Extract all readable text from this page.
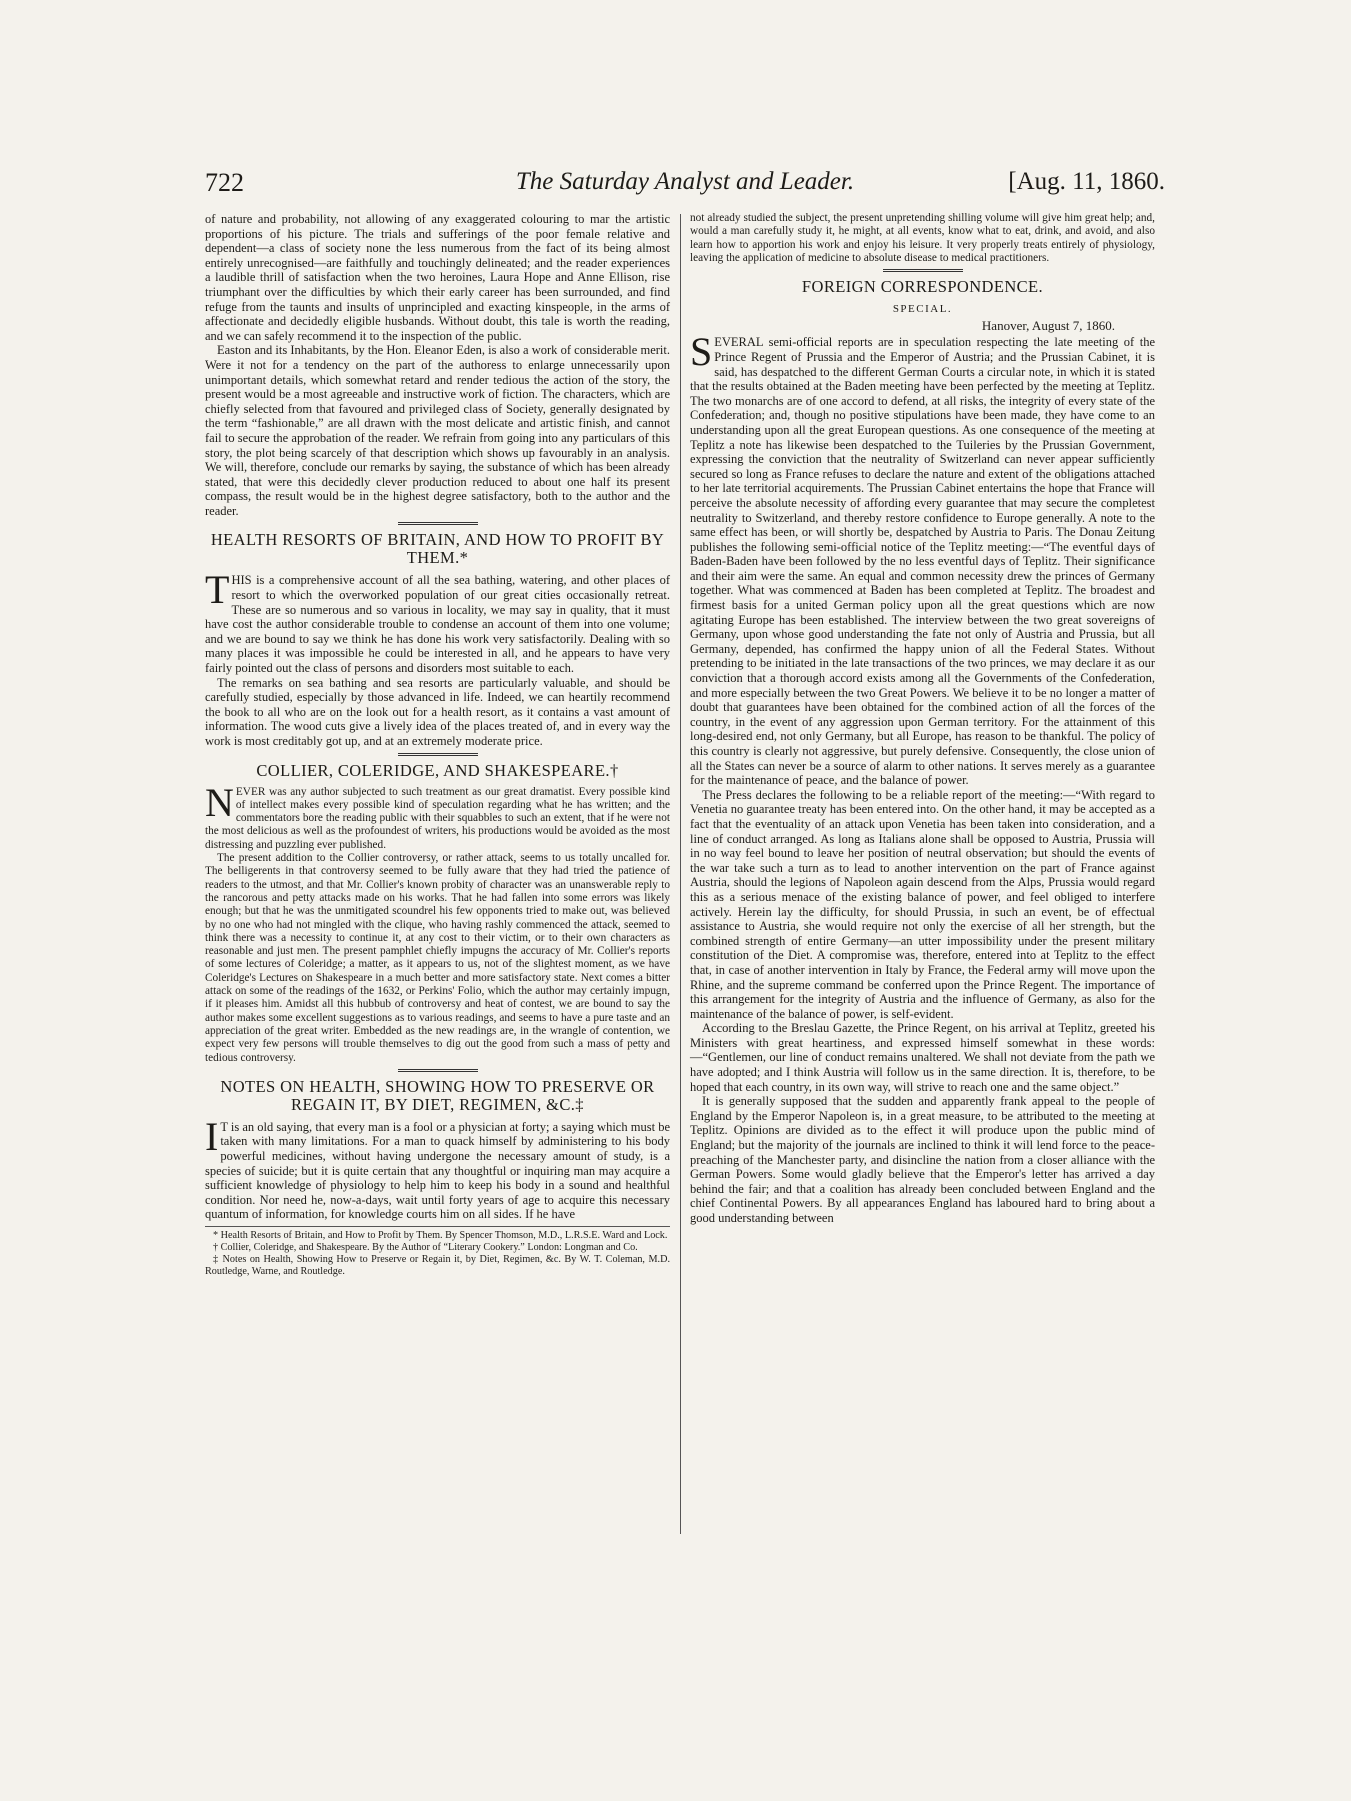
722	The Saturday Analyst and Leader.	[Aug. 11, 1860.

of nature and probability, not allowing of any exaggerated colouring to mar the artistic proportions of his picture. The trials and sufferings of the poor female relative and dependent—a class of society none the less numerous from the fact of its being almost entirely unrecognised—are faithfully and touchingly delineated; and the reader experiences a laudible thrill of satisfaction when the two heroines, Laura Hope and Anne Ellison, rise triumphant over the difficulties by which their early career has been surrounded, and find refuge from the taunts and insults of unprincipled and exacting kinspeople, in the arms of affectionate and decidedly eligible husbands. Without doubt, this tale is worth the reading, and we can safely recommend it to the inspection of the public.

Easton and its Inhabitants, by the Hon. Eleanor Eden, is also a work of considerable merit. Were it not for a tendency on the part of the authoress to enlarge unnecessarily upon unimportant details, which somewhat retard and render tedious the action of the story, the present would be a most agreeable and instructive work of fiction. The characters, which are chiefly selected from that favoured and privileged class of Society, generally designated by the term “fashionable,” are all drawn with the most delicate and artistic finish, and cannot fail to secure the approbation of the reader. We refrain from going into any particulars of this story, the plot being scarcely of that description which shows up favourably in an analysis. We will, therefore, conclude our remarks by saying, the substance of which has been already stated, that were this decidedly clever production reduced to about one half its present compass, the result would be in the highest degree satisfactory, both to the author and the reader.

HEALTH RESORTS OF BRITAIN, AND HOW TO PROFIT BY THEM.*

THIS is a comprehensive account of all the sea bathing, watering, and other places of resort to which the overworked population of our great cities occasionally retreat. These are so numerous and so various in locality, we may say in quality, that it must have cost the author considerable trouble to condense an account of them into one volume; and we are bound to say we think he has done his work very satisfactorily. Dealing with so many places it was impossible he could be interested in all, and he appears to have very fairly pointed out the class of persons and disorders most suitable to each.

The remarks on sea bathing and sea resorts are particularly valuable, and should be carefully studied, especially by those advanced in life. Indeed, we can heartily recommend the book to all who are on the look out for a health resort, as it contains a vast amount of information. The wood cuts give a lively idea of the places treated of, and in every way the work is most creditably got up, and at an extremely moderate price.

COLLIER, COLERIDGE, AND SHAKESPEARE.†

NEVER was any author subjected to such treatment as our great dramatist. Every possible kind of intellect makes every possible kind of speculation regarding what he has written; and the commentators bore the reading public with their squabbles to such an extent, that if he were not the most delicious as well as the profoundest of writers, his productions would be avoided as the most distressing and puzzling ever published.

The present addition to the Collier controversy, or rather attack, seems to us totally uncalled for. The belligerents in that controversy seemed to be fully aware that they had tried the patience of readers to the utmost, and that Mr. Collier's known probity of character was an unanswerable reply to the rancorous and petty attacks made on his works. That he had fallen into some errors was likely enough; but that he was the unmitigated scoundrel his few opponents tried to make out, was believed by no one who had not mingled with the clique, who having rashly commenced the attack, seemed to think there was a necessity to continue it, at any cost to their victim, or to their own characters as reasonable and just men. The present pamphlet chiefly impugns the accuracy of Mr. Collier's reports of some lectures of Coleridge; a matter, as it appears to us, not of the slightest moment, as we have Coleridge's Lectures on Shakespeare in a much better and more satisfactory state. Next comes a bitter attack on some of the readings of the 1632, or Perkins' Folio, which the author may certainly impugn, if it pleases him. Amidst all this hubbub of controversy and heat of contest, we are bound to say the author makes some excellent suggestions as to various readings, and seems to have a pure taste and an appreciation of the great writer. Embedded as the new readings are, in the wrangle of contention, we expect very few persons will trouble themselves to dig out the good from such a mass of petty and tedious controversy.

NOTES ON HEALTH, SHOWING HOW TO PRESERVE OR REGAIN IT, BY DIET, REGIMEN, &C.‡

I T is an old saying, that every man is a fool or a physician at forty; a saying which must be taken with many limitations. For a man to quack himself by administering to his body powerful medicines, without having undergone the necessary amount of study, is a species of suicide; but it is quite certain that any thoughtful or inquiring man may acquire a sufficient knowledge of physiology to help him to keep his body in a sound and healthful condition. Nor need he, now-a-days, wait until forty years of age to acquire this necessary quantum of information, for knowledge courts him on all sides. If he have

* Health Resorts of Britain, and How to Profit by Them. By Spencer Thomson, M.D., L.R.S.E. Ward and Lock.
† Collier, Coleridge, and Shakespeare. By the Author of “Literary Cookery.” London: Longman and Co.
‡ Notes on Health, Showing How to Preserve or Regain it, by Diet, Regimen, &c. By W. T. Coleman, M.D. Routledge, Warne, and Routledge.

not already studied the subject, the present unpretending shilling volume will give him great help; and, would a man carefully study it, he might, at all events, know what to eat, drink, and avoid, and also learn how to apportion his work and enjoy his leisure. It very properly treats entirely of physiology, leaving the application of medicine to absolute disease to medical practitioners.

FOREIGN CORRESPONDENCE.
SPECIAL.
Hanover, August 7, 1860.

SEVERAL semi-official reports are in speculation respecting the late meeting of the Prince Regent of Prussia and the Emperor of Austria; and the Prussian Cabinet, it is said, has despatched to the different German Courts a circular note, in which it is stated that the results obtained at the Baden meeting have been perfected by the meeting at Teplitz. The two monarchs are of one accord to defend, at all risks, the integrity of every state of the Confederation; and, though no positive stipulations have been made, they have come to an understanding upon all the great European questions. As one consequence of the meeting at Teplitz a note has likewise been despatched to the Tuileries by the Prussian Government, expressing the conviction that the neutrality of Switzerland can never appear sufficiently secured so long as France refuses to declare the nature and extent of the obligations attached to her late territorial acquirements. The Prussian Cabinet entertains the hope that France will perceive the absolute necessity of affording every guarantee that may secure the completest neutrality to Switzerland, and thereby restore confidence to Europe generally. A note to the same effect has been, or will shortly be, despatched by Austria to Paris. The Donau Zeitung publishes the following semi-official notice of the Teplitz meeting:—“The eventful days of Baden-Baden have been followed by the no less eventful days of Teplitz. Their significance and their aim were the same. An equal and common necessity drew the princes of Germany together. What was commenced at Baden has been completed at Teplitz. The broadest and firmest basis for a united German policy upon all the great questions which are now agitating Europe has been established. The interview between the two great sovereigns of Germany, upon whose good understanding the fate not only of Austria and Prussia, but all Germany, depended, has confirmed the happy union of all the Federal States. Without pretending to be initiated in the late transactions of the two princes, we may declare it as our conviction that a thorough accord exists among all the Governments of the Confederation, and more especially between the two Great Powers. We believe it to be no longer a matter of doubt that guarantees have been obtained for the combined action of all the forces of the country, in the event of any aggression upon German territory. For the attainment of this long-desired end, not only Germany, but all Europe, has reason to be thankful. The policy of this country is clearly not aggressive, but purely defensive. Consequently, the close union of all the States can never be a source of alarm to other nations. It serves merely as a guarantee for the maintenance of peace, and the balance of power.

The Press declares the following to be a reliable report of the meeting:—“With regard to Venetia no guarantee treaty has been entered into. On the other hand, it may be accepted as a fact that the eventuality of an attack upon Venetia has been taken into consideration, and a line of conduct arranged. As long as Italians alone shall be opposed to Austria, Prussia will in no way feel bound to leave her position of neutral observation; but should the events of the war take such a turn as to lead to another intervention on the part of France against Austria, should the legions of Napoleon again descend from the Alps, Prussia would regard this as a serious menace of the existing balance of power, and feel obliged to interfere actively. Herein lay the difficulty, for should Prussia, in such an event, be of effectual assistance to Austria, she would require not only the exercise of all her strength, but the combined strength of entire Germany—an utter impossibility under the present military constitution of the Diet. A compromise was, therefore, entered into at Teplitz to the effect that, in case of another intervention in Italy by France, the Federal army will move upon the Rhine, and the supreme command be conferred upon the Prince Regent. The importance of this arrangement for the integrity of Austria and the influence of Germany, as also for the maintenance of the balance of power, is self-evident.

According to the Breslau Gazette, the Prince Regent, on his arrival at Teplitz, greeted his Ministers with great heartiness, and expressed himself somewhat in these words:—“Gentlemen, our line of conduct remains unaltered. We shall not deviate from the path we have adopted; and I think Austria will follow us in the same direction. It is, therefore, to be hoped that each country, in its own way, will strive to reach one and the same object.”

It is generally supposed that the sudden and apparently frank appeal to the people of England by the Emperor Napoleon is, in a great measure, to be attributed to the meeting at Teplitz. Opinions are divided as to the effect it will produce upon the public mind of England; but the majority of the journals are inclined to think it will lend force to the peace-preaching of the Manchester party, and disincline the nation from a closer alliance with the German Powers. Some would gladly believe that the Emperor's letter has arrived a day behind the fair; and that a coalition has already been concluded between England and the chief Continental Powers. By all appearances England has laboured hard to bring about a good understanding between
